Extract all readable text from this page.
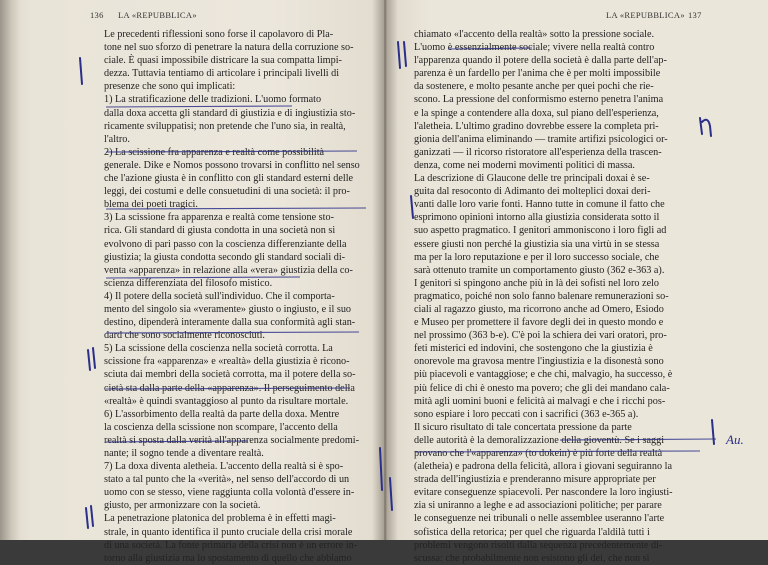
136 LA «REPUBBLICA»
Le precedenti riflessioni sono forse il capolavoro di Pla-
tone nel suo sforzo di penetrare la natura della corruzione so-
ciale. È quasi impossibile districare la sua compatta limpi-
dezza. Tuttavia tentiamo di articolare i principali livelli di
presenze che sono qui implicati:
1) La stratificazione delle tradizioni. L'uomo formato
dalla doxa accetta gli standard di giustizia e di ingiustizia sto-
ricamente sviluppatisi; non pretende che l'uno sia, in realtà,
l'altro.
2) La scissione fra apparenza e realtà come possibilità
generale. Dike e Nomos possono trovarsi in conflitto nel senso
che l'azione giusta è in conflitto con gli standard esterni delle
leggi, dei costumi e delle consuetudini di una società: il pro-
blema dei poeti tragici.
3) La scissione fra apparenza e realtà come tensione sto-
rica. Gli standard di giusta condotta in una società non si
evolvono di pari passo con la coscienza differenziante della
giustizia; la giusta condotta secondo gli standard sociali di-
venta «apparenza» in relazione alla «vera» giustizia della co-
scienza differenziata del filosofo mistico.
4) Il potere della società sull'individuo. Che il comporta-
mento del singolo sia «veramente» giusto o ingiusto, e il suo
destino, dipenderà interamente dalla sua conformità agli stan-
dard che sono socialmente riconosciuti.
5) La scissione della coscienza nella società corrotta. La
scissione fra «apparenza» e «realtà» della giustizia è ricono-
sciuta dai membri della società corrotta, ma il potere della so-
cietà sta dalla parte della «apparenza». Il perseguimento della
«realtà» è quindi svantaggioso al punto da risultare mortale.
6) L'assorbimento della realtà da parte della doxa. Mentre
la coscienza della scissione non scompare, l'accento della
realtà si sposta dalla verità all'apparenza socialmente predomi-
nante; il sogno tende a diventare realtà.
7) La doxa diventa aletheia. L'accento della realtà si è spo-
stato a tal punto che la «verità», nel senso dell'accordo di un
uomo con se stesso, viene raggiunta colla volontà d'essere in-
giusto, per armonizzare con la società.
La penetrazione platonica del problema è in effetti magi-
strale, in quanto identifica il punto cruciale della crisi morale
di una società. La fonte primaria della crisi non è un errore in-
torno alla giustizia ma lo spostamento di quello che abbiamo
LA «REPUBBLICA» 137
chiamato «l'accento della realtà» sotto la pressione sociale.
L'uomo è essenzialmente sociale; vivere nella realtà contro
l'apparenza quando il potere della società è dalla parte dell'ap-
parenza è un fardello per l'anima che è per molti impossibile
da sostenere, e molto pesante anche per quei pochi che rie-
scono. La pressione del conformismo esterno penetra l'anima
e la spinge a contendere alla doxa, sul piano dell'esperienza,
l'aletheia. L'ultimo gradino dovrebbe essere la completa pri-
gionia dell'anima eliminando — tramite artifizi psicologici or-
ganizzati — il ricorso ristoratore all'esperienza della trascen-
denza, come nei moderni movimenti politici di massa.
La descrizione di Glaucone delle tre principali doxai è se-
guita dal resoconto di Adimanto dei molteplici doxai deri-
vanti dalle loro varie fonti. Hanno tutte in comune il fatto che
esprimono opinioni intorno alla giustizia considerata sotto il
suo aspetto pragmatico. I genitori ammoniscono i loro figli ad
essere giusti non perché la giustizia sia una virtù in se stessa
ma per la loro reputazione e per il loro successo sociale, che
sarà ottenuto tramite un comportamento giusto (362 e-363 a).
I genitori si spingono anche più in là dei sofisti nel loro zelo
pragmatico, poiché non solo fanno balenare remunerazioni so-
ciali al ragazzo giusto, ma ricorrono anche ad Omero, Esiodo
e Museo per promettere il favore degli dei in questo mondo e
nel prossimo (363 b-e). C'è poi la schiera dei vari oratori, pro-
feti misterici ed indovini, che sostengono che la giustizia è
onorevole ma gravosa mentre l'ingiustizia e la disonestà sono
più piacevoli e vantaggiose; e che chi, malvagio, ha successo, è
più felice di chi è onesto ma povero; che gli dei mandano cala-
mità agli uomini buoni e felicità ai malvagi e che i ricchi pos-
sono espiare i loro peccati con i sacrifici (363 e-365 a).
Il sicuro risultato di tale concertata pressione da parte
delle autorità è la demoralizzazione della gioventù. Se i saggi
provano che l'«apparenza» (to dokein) è più forte della realtà
(aletheia) e padrona della felicità, allora i giovani seguiranno la
strada dell'ingiustizia e prenderanno misure appropriate per
evitare conseguenze spiacevoli. Per nascondere la loro ingiusti-
zia si uniranno a leghe e ad associazioni politiche; per parare
le conseguenze nei tribunali o nelle assemblee useranno l'arte
sofistica della retorica; per quel che riguarda l'aldilà tutti i
problemi vengono risolti dalla sequenza precedentemente di-
scussa: che probabilmente non esistono gli dei, che non si
Au.
